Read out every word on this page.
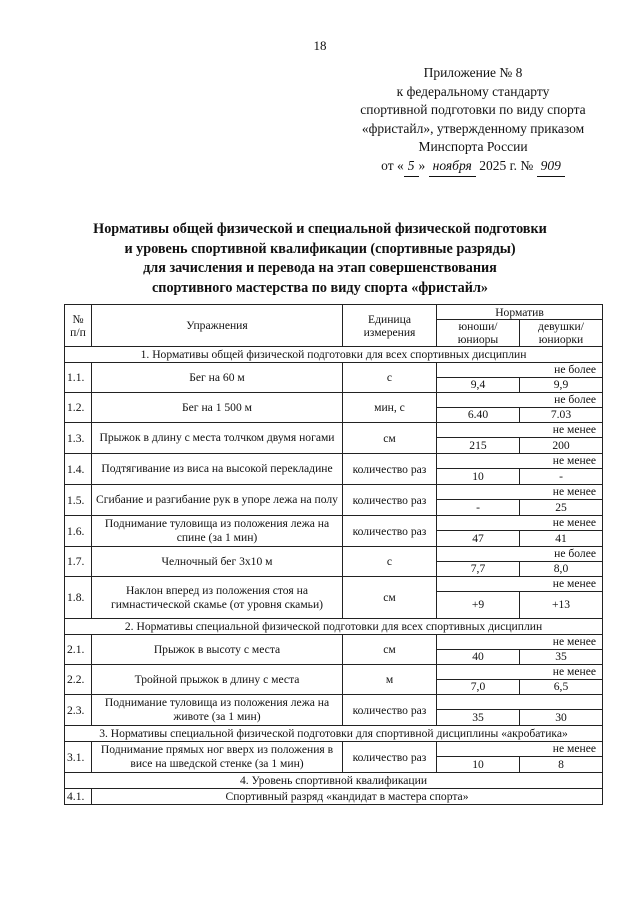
18
Приложение № 8
к федеральному стандарту
спортивной подготовки по виду спорта
«фристайл», утвержденному приказом
Минспорта России
от « 5 » ноября 2025 г. № 909
Нормативы общей физической и специальной физической подготовки
и уровень спортивной квалификации (спортивные разряды)
для зачисления и перевода на этап совершенствования
спортивного мастерства по виду спорта «фристайл»
№ п/п	Упражнения	Единица измерения	Норматив	
			юноши/ юниоры	девушки/ юниорки
1. Нормативы общей физической подготовки для всех спортивных дисциплин				
1.1.	Бег на 60 м	с	не более	
			9,4	9,9
1.2.	Бег на 1 500 м	мин, с	не более	
			6.40	7.03
1.3.	Прыжок в длину с места толчком двумя ногами	см	не менее	
			215	200
1.4.	Подтягивание из виса на высокой перекладине	количество раз	не менее	
			10	-
1.5.	Сгибание и разгибание рук в упоре лежа на полу	количество раз	не менее	
			-	25
1.6.	Поднимание туловища из положения лежа на спине (за 1 мин)	количество раз	не менее	
			47	41
1.7.	Челночный бег 3x10 м	с	не более	
			7,7	8,0
1.8.	Наклон вперед из положения стоя на гимнастической скамье (от уровня скамьи)	см	не менее	
			+9	+13
2. Нормативы специальной физической подготовки для всех спортивных дисциплин				
2.1.	Прыжок в высоту с места	см	не менее	
			40	35
2.2.	Тройной прыжок в длину с места	м	не менее	
			7,0	6,5
2.3.	Поднимание туловища из положения лежа на животе (за 1 мин)	количество раз		
			35	30
3. Нормативы специальной физической подготовки для спортивной дисциплины «акробатика»				
3.1.	Поднимание прямых ног вверх из положения в висе на шведской стенке (за 1 мин)	количество раз	не менее	
			10	8
4. Уровень спортивной квалификации				
4.1.	Спортивный разряд «кандидат в мастера спорта»			
